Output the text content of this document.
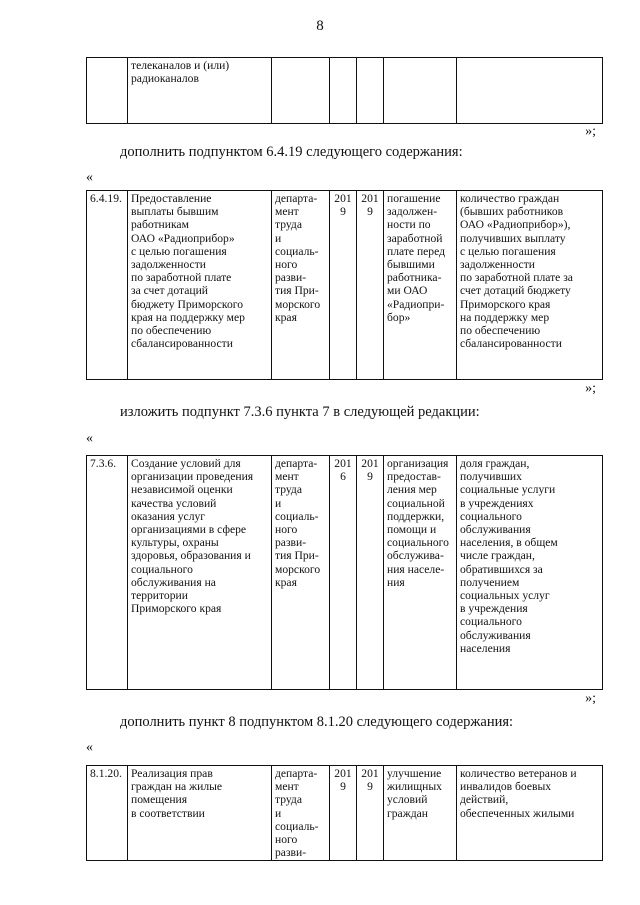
8
	телеканалов и (или)
радиоканалов					
»;
дополнить подпунктом 6.4.19 следующего содержания:
«
6.4.19.	Предоставление
выплаты бывшим
работникам
ОАО «Радиоприбор»
с целью погашения
задолженности
по заработной плате
за счет дотаций
бюджету Приморского
края на поддержку мер
по обеспечению
сбалансированности	департа-
мент труда
и социаль-
ного разви-
тия При-
морского
края	2019	2019	погашение
задолжен-
ности по
заработной
плате перед
бывшими
работника-
ми ОАО
«Радиопри-
бор»	количество граждан
(бывших работников
ОАО «Радиоприбор»),
получивших выплату
с целью погашения
задолженности
по заработной плате за
счет дотаций бюджету
Приморского края
на поддержку мер
по обеспечению
сбалансированности
»;
изложить подпункт 7.3.6 пункта 7 в следующей редакции:
«
7.3.6.	Создание условий для
организации проведения
независимой оценки
качества условий
оказания услуг
организациями в сфере
культуры, охраны
здоровья, образования и
социального
обслуживания на
территории
Приморского края	департа-
мент труда
и социаль-
ного разви-
тия При-
морского
края	2016	2019	организация
предостав-
ления мер
социальной
поддержки,
помощи и
социального
обслужива-
ния населе-
ния	доля граждан,
получивших
социальные услуги
в учреждениях
социального
обслуживания
населения, в общем
числе граждан,
обратившихся за
получением
социальных услуг
в учреждения
социального
обслуживания
населения
»;
дополнить пункт 8 подпунктом 8.1.20 следующего содержания:
«
8.1.20.	Реализация прав
граждан на жилые
помещения
в соответствии	департа-
мент труда
и социаль-
ного разви-	2019	2019	улучшение
жилищных
условий
граждан	количество ветеранов и
инвалидов боевых
действий,
обеспеченных жилыми
